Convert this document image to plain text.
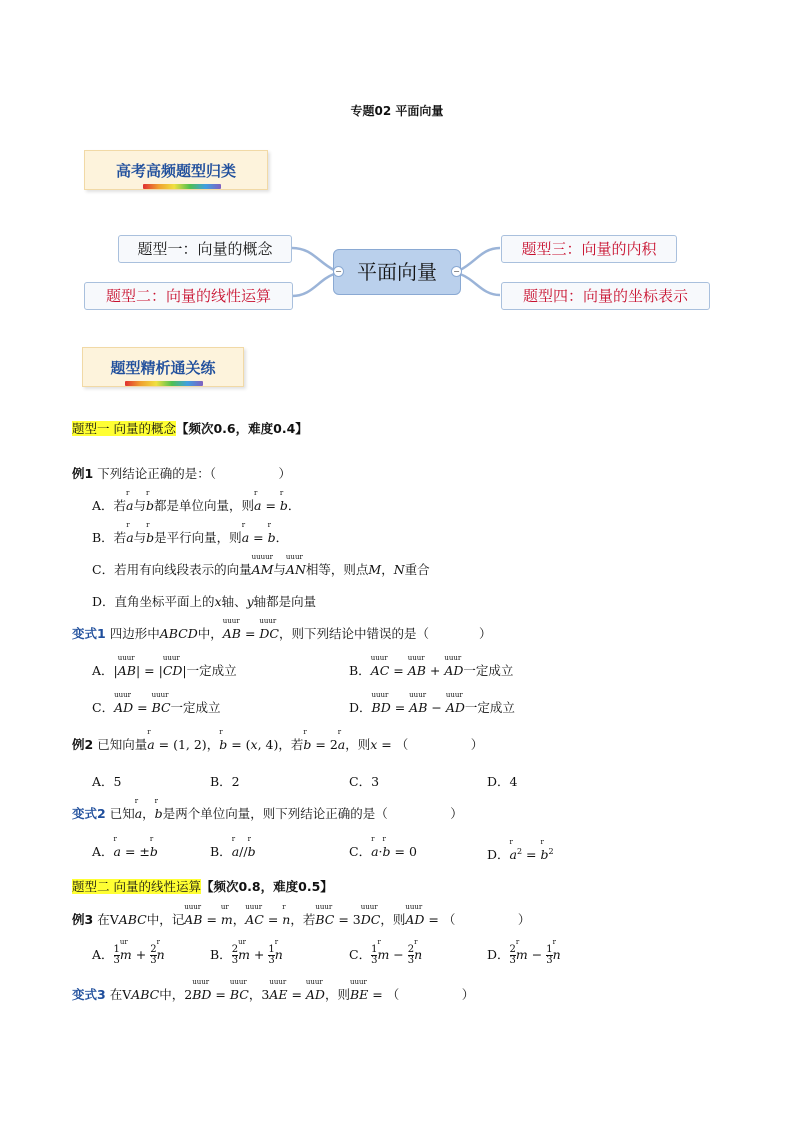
专题02 平面向量
高考高频题型归类
题型一：向量的概念
题型二：向量的线性运算
平面向量
−	−
题型三：向量的内积
题型四：向量的坐标表示
题型精析通关练
题型一 向量的概念【频次0.6，难度0.4】
例1 下列结论正确的是：（　　　　　）
A．若
r
a与
r
b都是单位向量，则
r
a =
r
b．
B．若
r
a与
r
b是平行向量，则
r
a =
r
b．
C．若用有向线段表示的向量
uuuur
AM与
uuur
AN相等，则点M，N重合
D．直角坐标平面上的x轴、y轴都是向量
变式1 四边形中ABCD中，
uuur
AB =
uuur
DC，则下列结论中错误的是（　　　　）
A．|
uuur
AB| = |
uuur
CD|一定成立	B．
uuur
AC =
uuur
AB +
uuur
AD一定成立
C．
uuur
AD =
uuur
BC一定成立	D．
uuur
BD =
uuur
AB −
uuur
AD一定成立
例2 已知向量
r
a = (1, 2)，
r
b = (x, 4)，若
r
b = 2
r
a，则x = （　　　　　）
A．5	B．2	C．3	D．4
变式2 已知
r
a，
r
b是两个单位向量，则下列结论正确的是（　　　　　）
A．
r
a = ±
r
b	B．
r
a//
r
b	C．
r
a·
r
b = 0	D．
r
$a^2$ =
r
$b^2$
题型二 向量的线性运算【频次0.8，难度0.5】
例3 在VABC中，记
uuur
AB =
ur
m，
uuur
AC =
r
n，若
uuur
BC = 3
uuur
DC，则
uuur
AD = （　　　　　）
A． $\frac{1}{3}$
ur
$m + \frac{2}{3}$
r
n	B． $\frac{2}{3}$
ur
$m + \frac{1}{3}$
r
n	C． $\frac{1}{3}$
r
$m - \frac{2}{3}$
r
n	D． $\frac{2}{3}$
r
$m - \frac{1}{3}$
r
n
变式3 在VABC中，2
uuur
BD =
uuur
BC，3
uuur
AE =
uuur
AD，则
uuur
BE = （　　　　　）
